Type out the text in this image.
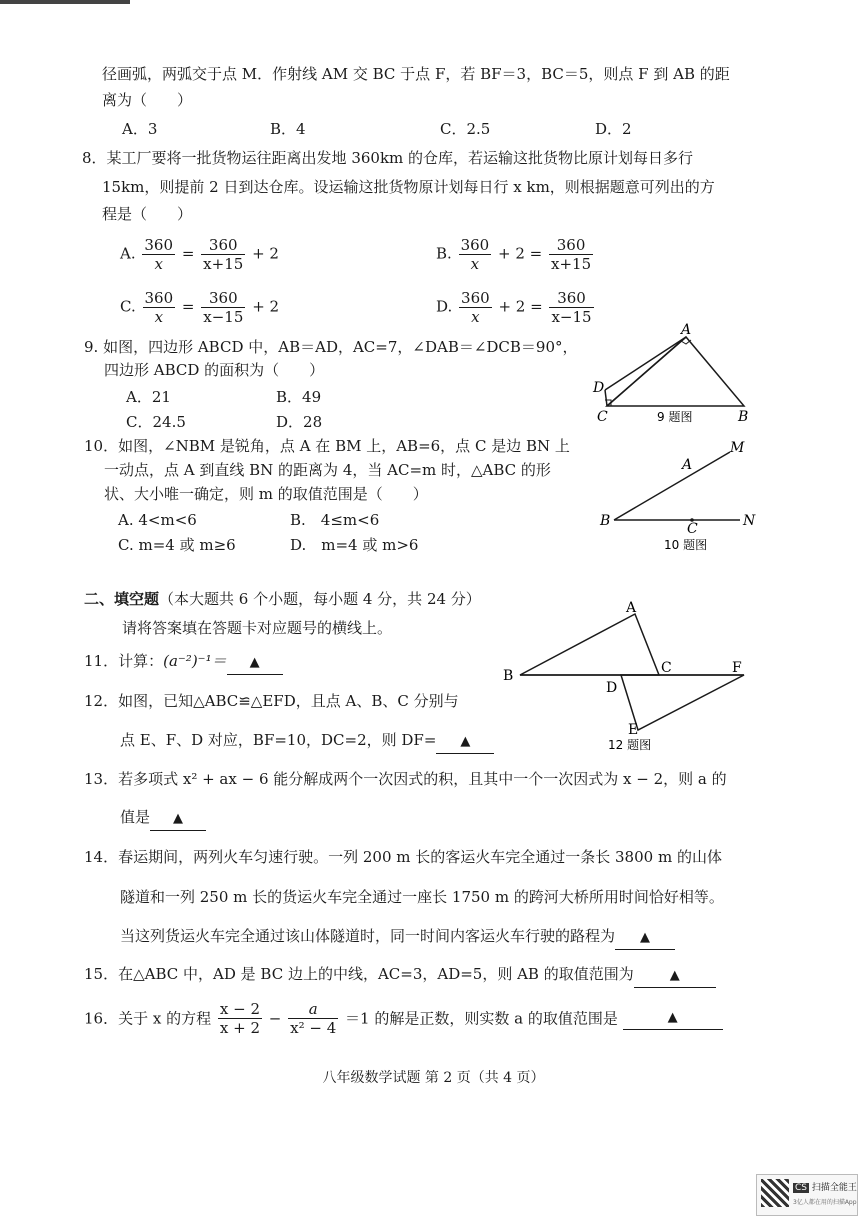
径画弧，两弧交于点 M．作射线 AM 交 BC 于点 F，若 BF＝3，BC＝5，则点 F 到 AB 的距
离为（　　）
A．3	B．4	C．2.5	D．2
8．某工厂要将一批货物运往距离出发地 360km 的仓库，若运输这批货物比原计划每日多行
15km，则提前 2 日到达仓库。设运输这批货物原计划每日行 x km，则根据题意可列出的方
程是（　　）
A. $\frac{360}{x} = \frac{360}{x+15} + 2$	B. $\frac{360}{x} + 2 = \frac{360}{x+15}$
C. $\frac{360}{x} = \frac{360}{x-15} + 2$	D. $\frac{360}{x} + 2 = \frac{360}{x-15}$
9. 如图，四边形 ABCD 中，AB＝AD，AC=7，∠DAB＝∠DCB＝90°，
四边形 ABCD 的面积为（　　）
A．21	B．49
C．24.5	D．28
A
D
C	B
9 题图
10．如图，∠NBM 是锐角，点 A 在 BM 上，AB=6，点 C 是边 BN 上
一动点，点 A 到直线 BN 的距离为 4，当 AC=m 时，△ABC 的形
状、大小唯一确定，则 m 的取值范围是（　　）
A. 4<m<6	B.　4≤m<6
C. m=4 或 m≥6	D.　m=4 或 m>6
B
A
M
N
C
10 题图
二、填空题（本大题共 6 个小题，每小题 4 分，共 24 分）
请将答案填在答题卡对应题号的横线上。
11．计算：(a⁻²)⁻¹＝ ▲
12．如图，已知△ABC≌△EFD，且点 A、B、C 分别与
点 E、F、D 对应，BF=10，DC=2，则 DF= ▲
B
A
C	F
D
E
12 题图
13．若多项式 x² + ax − 6 能分解成两个一次因式的积，且其中一个一次因式为 x − 2，则 a 的
值是 ▲
14．春运期间，两列火车匀速行驶。一列 200 m 长的客运火车完全通过一条长 3800 m 的山体
隧道和一列 250 m 长的货运火车完全通过一座长 1750 m 的跨河大桥所用时间恰好相等。
当这列货运火车完全通过该山体隧道时，同一时间内客运火车行驶的路程为 ▲
15．在△ABC 中，AD 是 BC 边上的中线，AC=3，AD=5，则 AB 的取值范围为	▲
16．关于 x 的方程 $\frac{x - 2}{x + 2} - \frac{a}{\text{x² − 4}} =1$ 的解是正数，则实数 a 的取值范围是	▲
八年级数学试题 第 2 页（共 4 页）
CS 扫描全能王
3亿人都在用的扫描App
